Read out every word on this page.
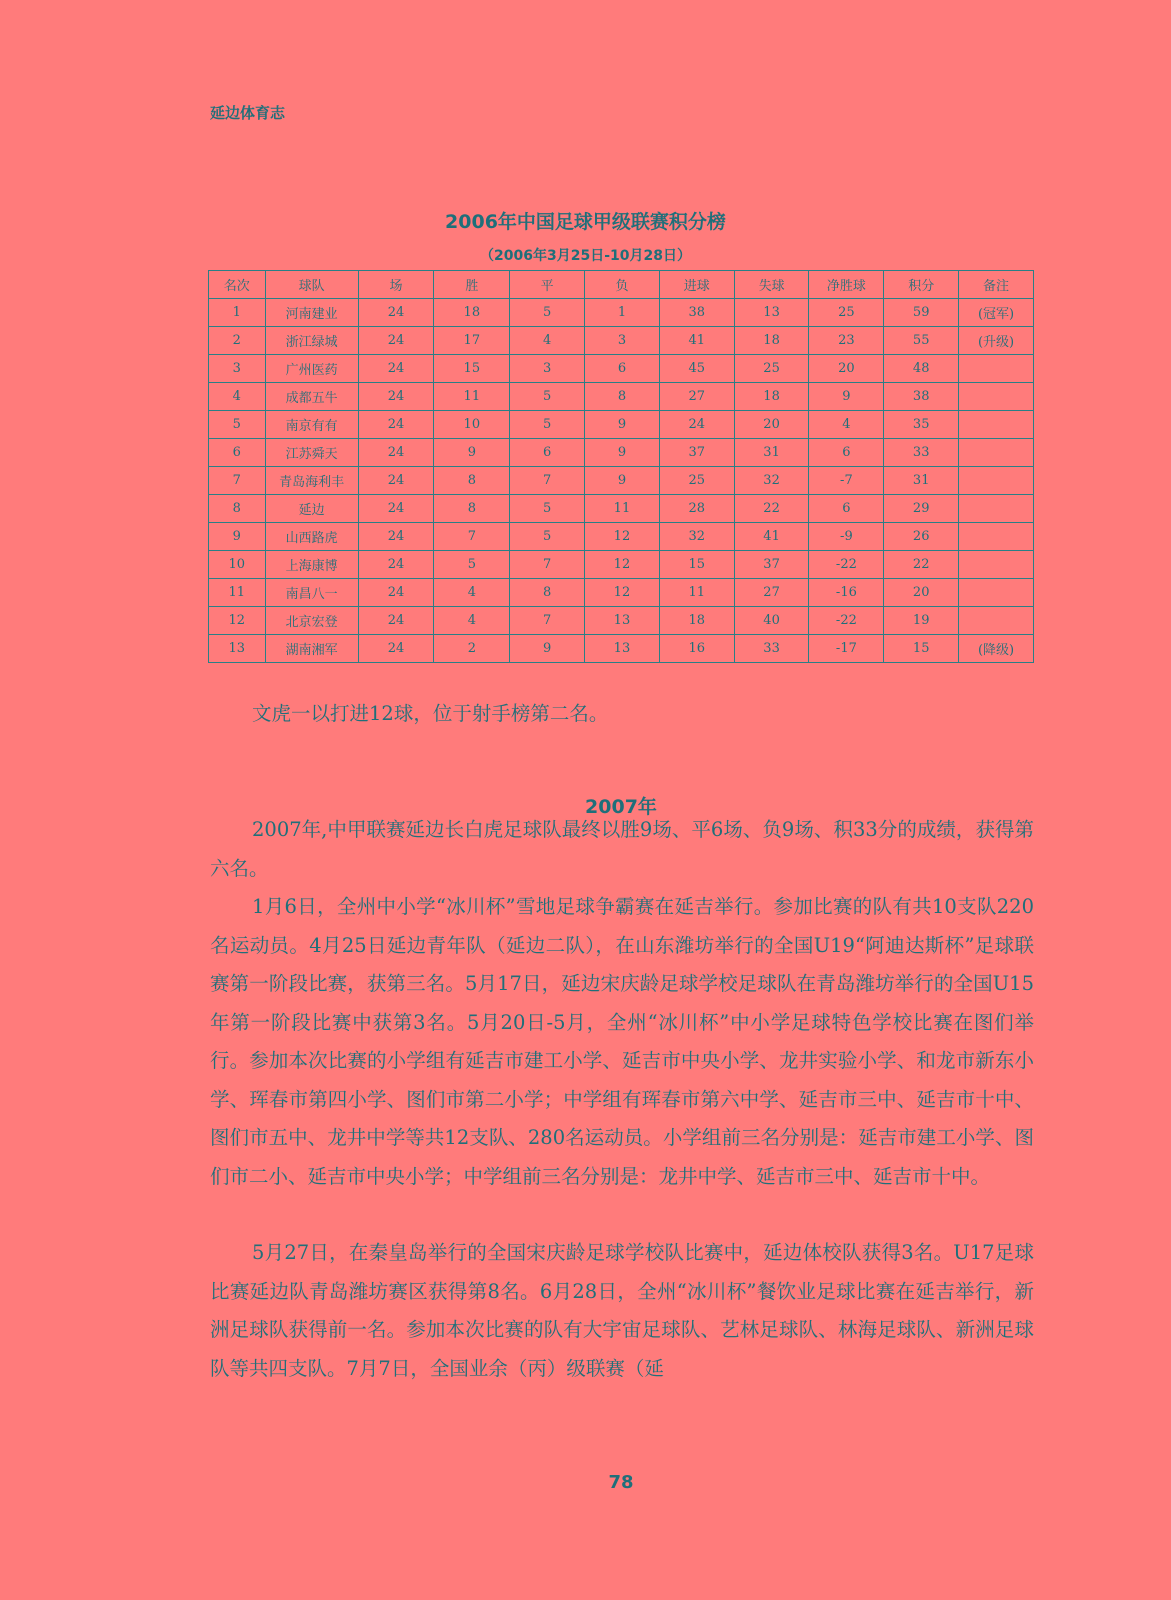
延边体育志
2006年中国足球甲级联赛积分榜
（2006年3月25日-10月28日）
名次	球队	场	胜	平	负	进球	失球	净胜球	积分	备注
1	河南建业	24	18	5	1	38	13	25	59	(冠军)
2	浙江绿城	24	17	4	3	41	18	23	55	(升级)
3	广州医药	24	15	3	6	45	25	20	48	
4	成都五牛	24	11	5	8	27	18	9	38	
5	南京有有	24	10	5	9	24	20	4	35	
6	江苏舜天	24	9	6	9	37	31	6	33	
7	青岛海利丰	24	8	7	9	25	32	-7	31	
8	延边	24	8	5	11	28	22	6	29	
9	山西路虎	24	7	5	12	32	41	-9	26	
10	上海康博	24	5	7	12	15	37	-22	22	
11	南昌八一	24	4	8	12	11	27	-16	20	
12	北京宏登	24	4	7	13	18	40	-22	19	
13	湖南湘军	24	2	9	13	16	33	-17	15	(降级)

文虎一以打进12球，位于射手榜第二名。

2007年

2007年,中甲联赛延边长白虎足球队最终以胜9场、平6场、负9场、积33分的成绩，获得第六名。

1月6日，全州中小学“冰川杯”雪地足球争霸赛在延吉举行。参加比赛的队有共10支队220名运动员。4月25日延边青年队（延边二队），在山东潍坊举行的全国U19“阿迪达斯杯”足球联赛第一阶段比赛，获第三名。5月17日，延边宋庆龄足球学校足球队在青岛潍坊举行的全国U15年第一阶段比赛中获第3名。5月20日-5月，全州“冰川杯”中小学足球特色学校比赛在图们举行。参加本次比赛的小学组有延吉市建工小学、延吉市中央小学、龙井实验小学、和龙市新东小学、珲春市第四小学、图们市第二小学；中学组有珲春市第六中学、延吉市三中、延吉市十中、图们市五中、龙井中学等共12支队、280名运动员。小学组前三名分别是：延吉市建工小学、图们市二小、延吉市中央小学；中学组前三名分别是：龙井中学、延吉市三中、延吉市十中。

5月27日，在秦皇岛举行的全国宋庆龄足球学校队比赛中，延边体校队获得3名。U17足球比赛延边队青岛潍坊赛区获得第8名。6月28日，全州“冰川杯”餐饮业足球比赛在延吉举行，新洲足球队获得前一名。参加本次比赛的队有大宇宙足球队、艺林足球队、林海足球队、新洲足球队等共四支队。7月7日，全国业余（丙）级联赛（延

78
